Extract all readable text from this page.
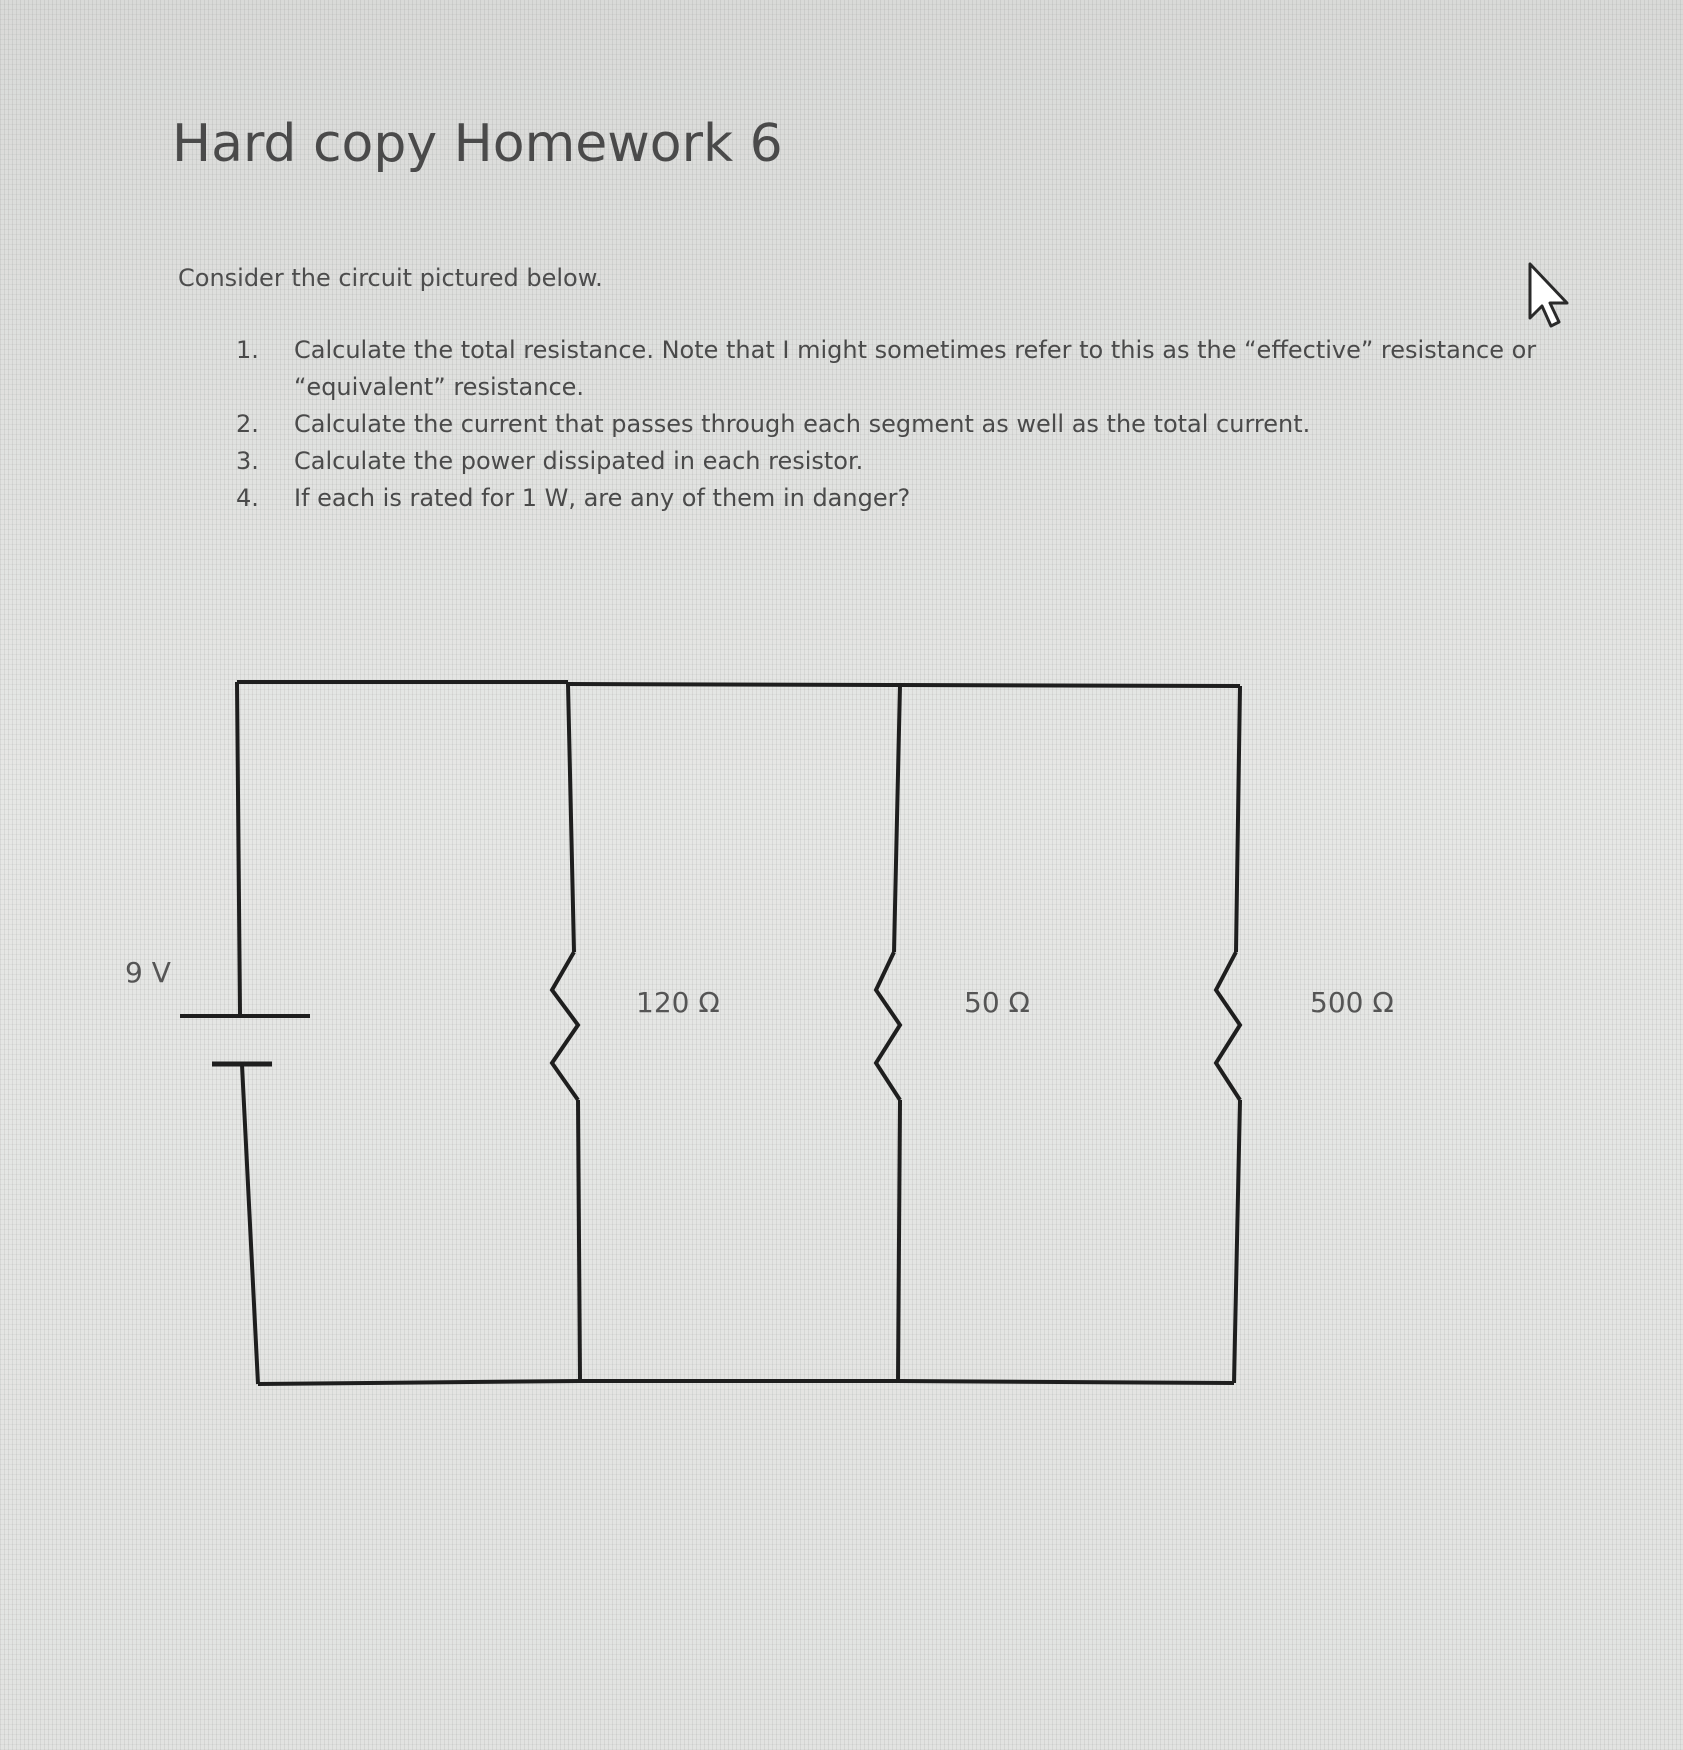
Hard copy Homework 6

Consider the circuit pictured below.

1. Calculate the total resistance. Note that I might sometimes refer to this as the “effective” resistance or “equivalent” resistance.
2. Calculate the current that passes through each segment as well as the total current.
3. Calculate the power dissipated in each resistor.
4. If each is rated for 1 W, are any of them in danger?
9 V
120 Ω	50 Ω	500 Ω
